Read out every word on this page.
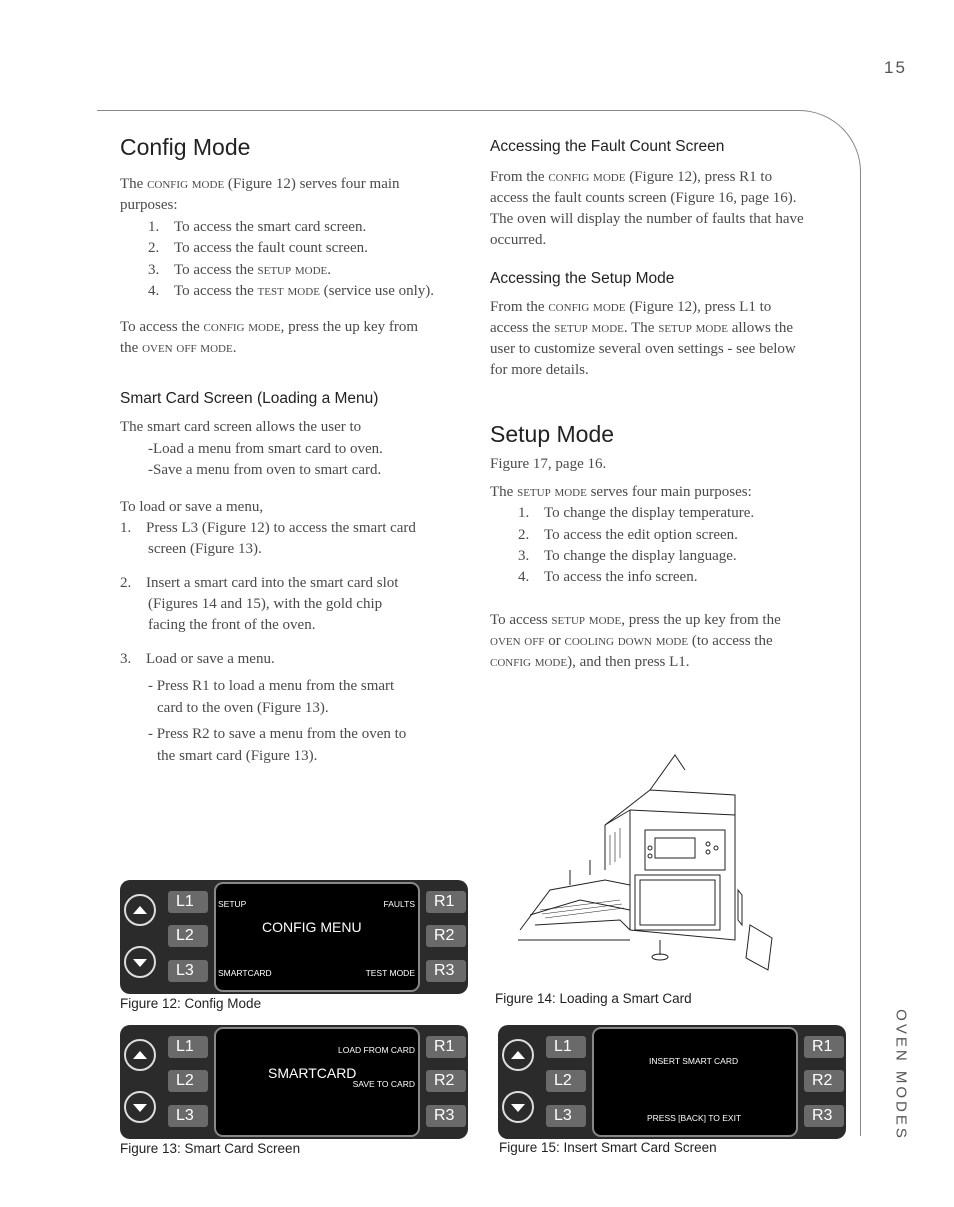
15
OVEN MODES
Config Mode
The config mode (Figure 12) serves four main
purposes:
1. To access the smart card screen.
2. To access the fault count screen.
3. To access the setup mode.
4. To access the test mode (service use only).
To access the config mode, press the up key from
the oven off mode.
Smart Card Screen (Loading a Menu)
The smart card screen allows the user to
-Load a menu from smart card to oven.
-Save a menu from oven to smart card.
To load or save a menu,
1. Press L3 (Figure 12) to access the smart card
screen (Figure 13).
2. Insert a smart card into the smart card slot
(Figures 14 and 15), with the gold chip
facing the front of the oven.
3. Load or save a menu.
- Press R1 to load a menu from the smart
card to the oven (Figure 13).
- Press R2 to save a menu from the oven to
the smart card (Figure 13).
Accessing the Fault Count Screen
From the config mode (Figure 12), press R1 to
access the fault counts screen (Figure 16, page 16).
The oven will display the number of faults that have
occurred.
Accessing the Setup Mode
From the config mode (Figure 12), press L1 to
access the setup mode. The setup mode allows the
user to customize several oven settings - see below
for more details.
Setup Mode
Figure 17, page 16.
The setup mode serves four main purposes:
1. To change the display temperature.
2. To access the edit option screen.
3. To change the display language.
4. To access the info screen.
To access setup mode, press the up key from the
oven off or cooling down mode (to access the
config mode), and then press L1.
L1
L2
L3
SETUP	FAULTS
CONFIG MENU
SMARTCARD	TEST MODE
R1
R2
R3
Figure 12: Config Mode
L1
L2
L3
LOAD FROM CARD
SMARTCARD
SAVE TO CARD
R1
R2
R3
Figure 13: Smart Card Screen
Figure 14: Loading a Smart Card
L1
L2
L3
INSERT SMART CARD
PRESS [BACK] TO EXIT
R1
R2
R3
Figure 15: Insert Smart Card Screen
